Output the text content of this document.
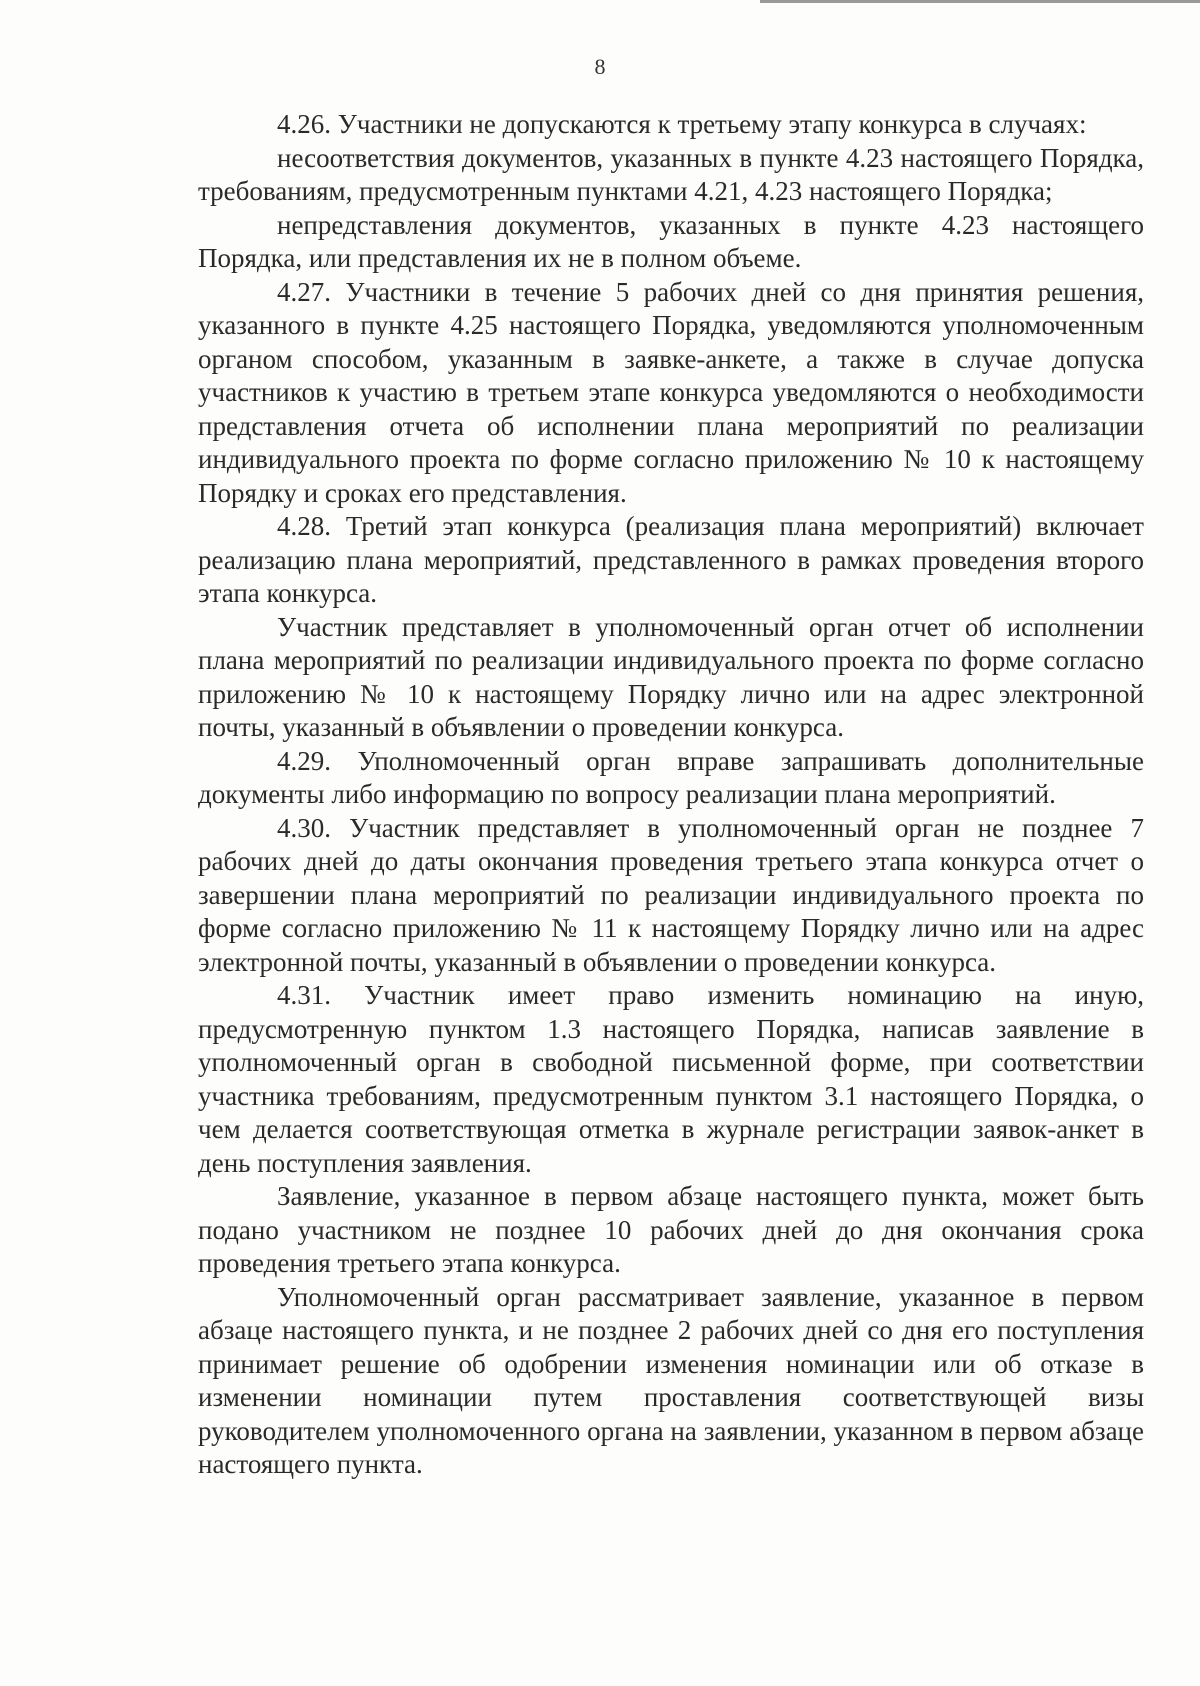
8

4.26. Участники не допускаются к третьему этапу конкурса в случаях:

несоответствия документов, указанных в пункте 4.23 настоящего Порядка, требованиям, предусмотренным пунктами 4.21, 4.23 настоящего Порядка;

непредставления документов, указанных в пункте 4.23 настоящего Порядка, или представления их не в полном объеме.

4.27. Участники в течение 5 рабочих дней со дня принятия решения, указанного в пункте 4.25 настоящего Порядка, уведомляются уполномоченным органом способом, указанным в заявке-анкете, а также в случае допуска участников к участию в третьем этапе конкурса уведомляются о необходимости представления отчета об исполнении плана мероприятий по реализации индивидуального проекта по форме согласно приложению № 10 к настоящему Порядку и сроках его представления.

4.28. Третий этап конкурса (реализация плана мероприятий) включает реализацию плана мероприятий, представленного в рамках проведения второго этапа конкурса.

Участник представляет в уполномоченный орган отчет об исполнении плана мероприятий по реализации индивидуального проекта по форме согласно приложению № 10 к настоящему Порядку лично или на адрес электронной почты, указанный в объявлении о проведении конкурса.

4.29. Уполномоченный орган вправе запрашивать дополнительные документы либо информацию по вопросу реализации плана мероприятий.

4.30. Участник представляет в уполномоченный орган не позднее 7 рабочих дней до даты окончания проведения третьего этапа конкурса отчет о завершении плана мероприятий по реализации индивидуального проекта по форме согласно приложению № 11 к настоящему Порядку лично или на адрес электронной почты, указанный в объявлении о проведении конкурса.

4.31. Участник имеет право изменить номинацию на иную, предусмотренную пунктом 1.3 настоящего Порядка, написав заявление в уполномоченный орган в свободной письменной форме, при соответствии участника требованиям, предусмотренным пунктом 3.1 настоящего Порядка, о чем делается соответствующая отметка в журнале регистрации заявок-анкет в день поступления заявления.

Заявление, указанное в первом абзаце настоящего пункта, может быть подано участником не позднее 10 рабочих дней до дня окончания срока проведения третьего этапа конкурса.

Уполномоченный орган рассматривает заявление, указанное в первом абзаце настоящего пункта, и не позднее 2 рабочих дней со дня его поступления принимает решение об одобрении изменения номинации или об отказе в изменении номинации путем проставления соответствующей визы руководителем уполномоченного органа на заявлении, указанном в первом абзаце настоящего пункта.
